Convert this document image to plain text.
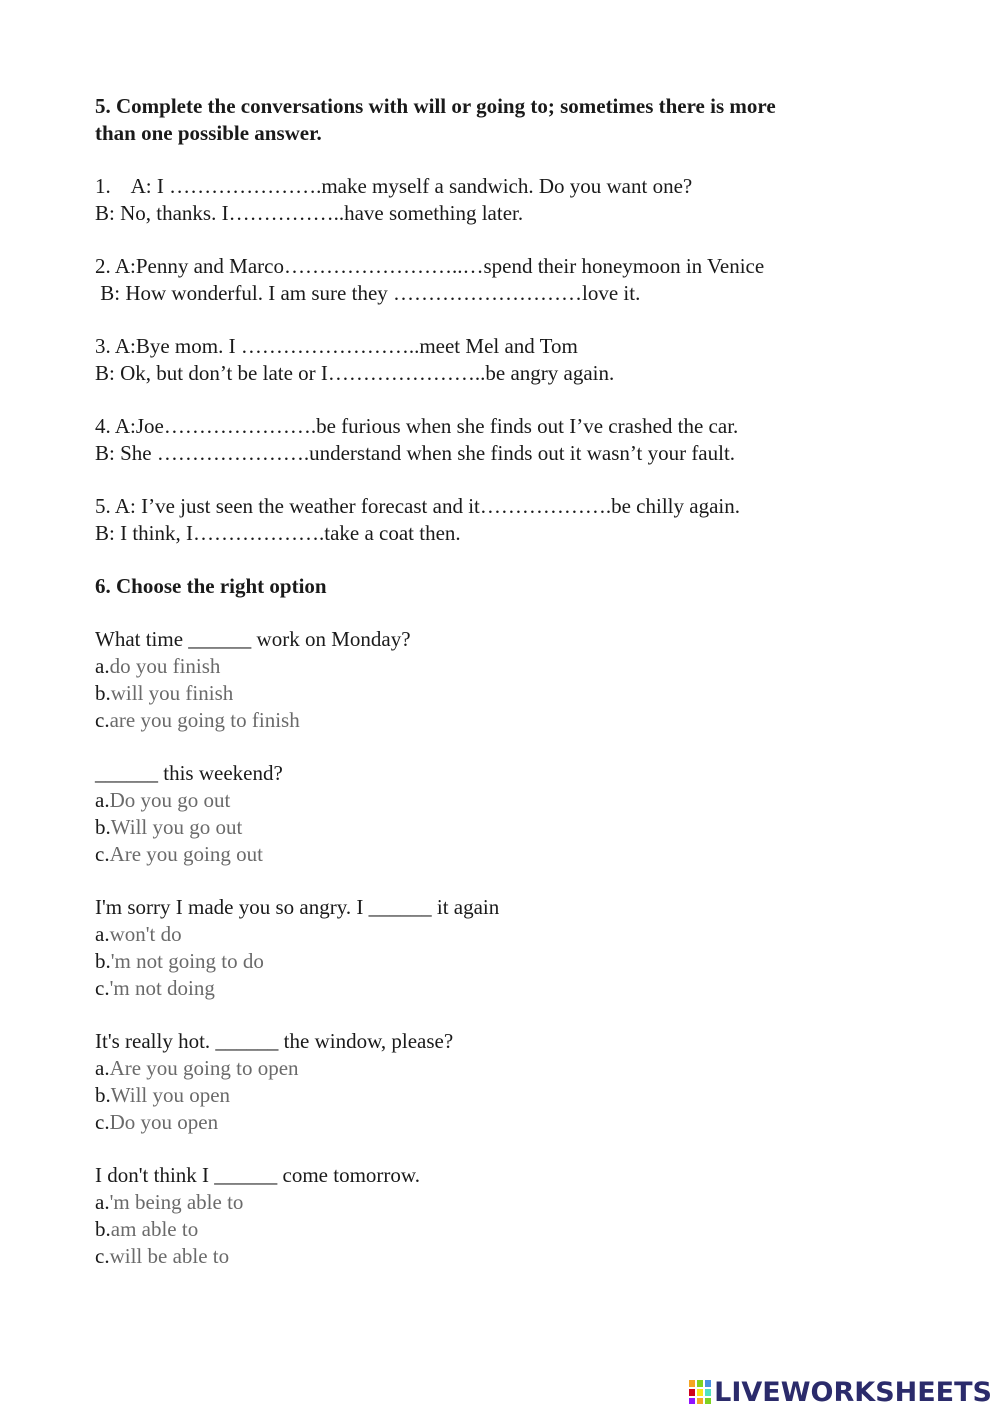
5. Complete the conversations with will or going to; sometimes there is more
than one possible answer.

1.    A: I ………………….make myself a sandwich. Do you want one?
B: No, thanks. I……………..have something later.
2. A:Penny and Marco……………………..…spend their honeymoon in Venice
B: How wonderful. I am sure they ………………………love it.
3. A:Bye mom. I ……………………..meet Mel and Tom
B: Ok, but don’t be late or I…………………..be angry again.
4. A:Joe………………….be furious when she finds out I’ve crashed the car.
B: She ………………….understand when she finds out it wasn’t your fault.
5. A: I’ve just seen the weather forecast and it……………….be chilly again.
B: I think, I……………….take a coat then.

6. Choose the right option

What time ______ work on Monday?
a.do you finish
b.will you finish
c.are you going to finish
______ this weekend?
a.Do you go out
b.Will you go out
c.Are you going out
I'm sorry I made you so angry. I ______ it again
a.won't do
b.'m not going to do
c.'m not doing
It's really hot. ______ the window, please?
a.Are you going to open
b.Will you open
c.Do you open
I don't think I ______ come tomorrow.
a.'m being able to
b.am able to
c.will be able to
LIVEWORKSHEETS
